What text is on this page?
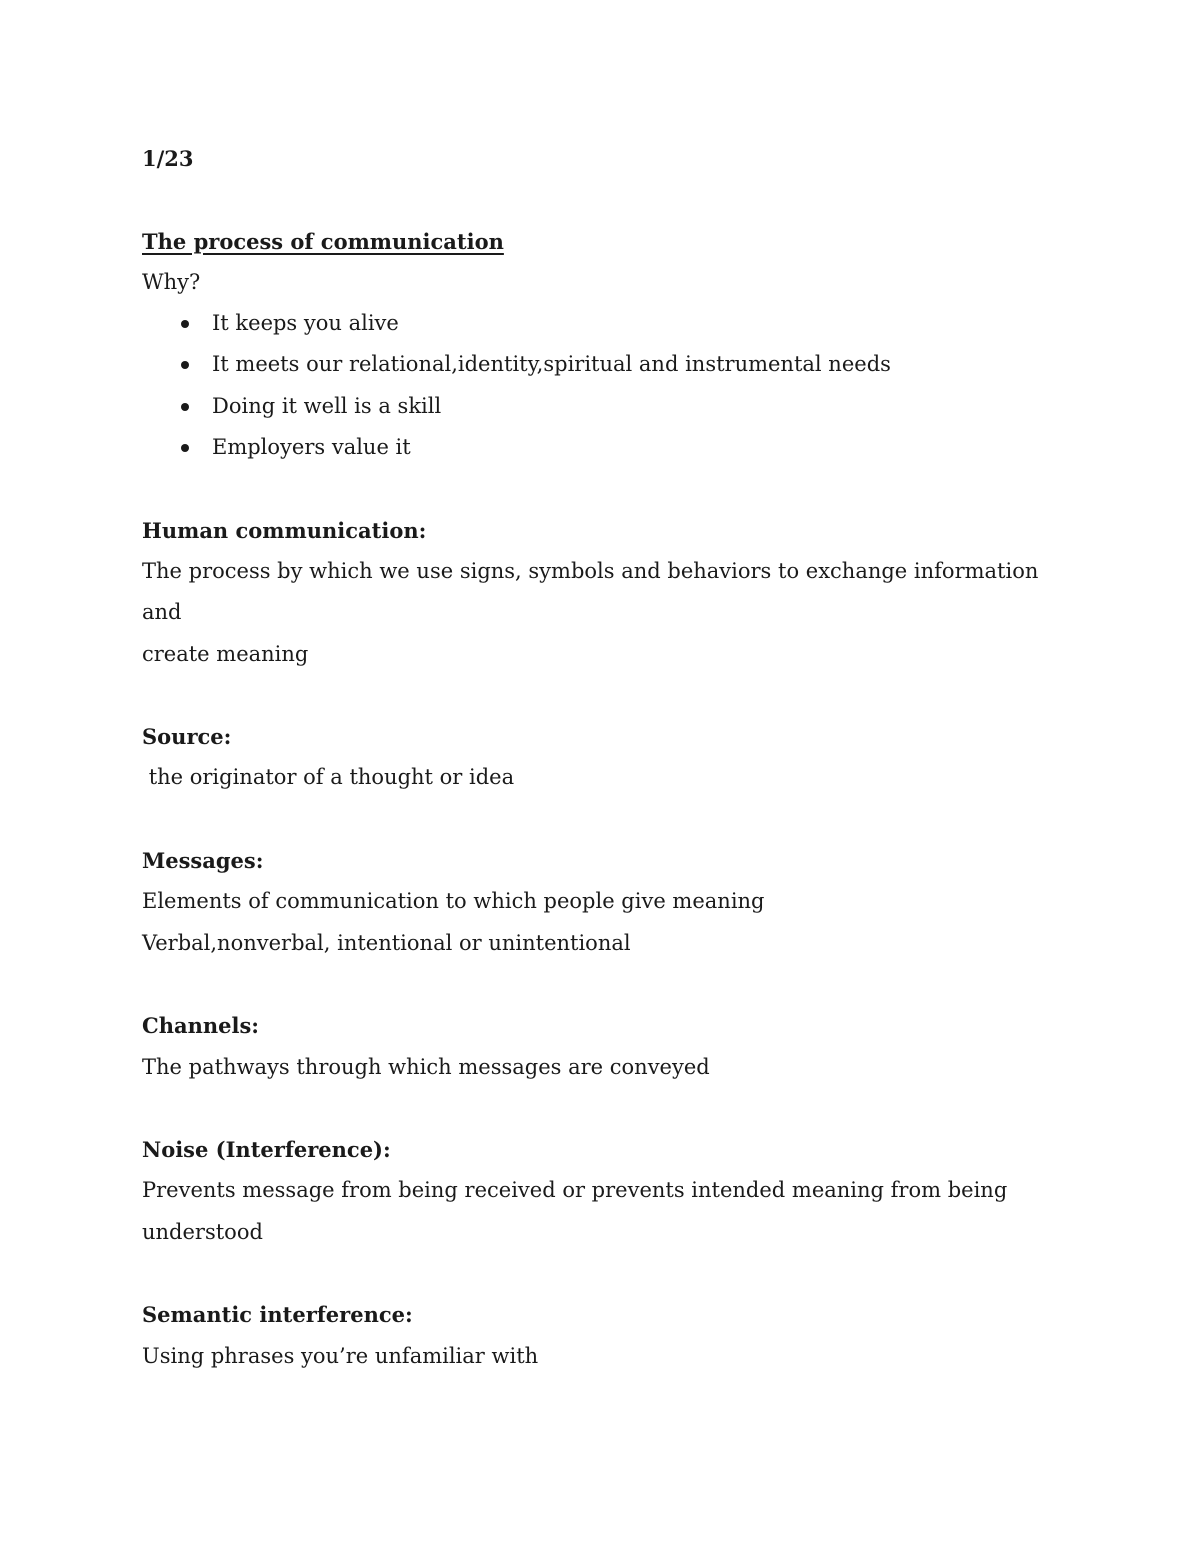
1/23

The process of communication

Why?

It keeps you alive
It meets our relational,identity,spiritual and instrumental needs
Doing it well is a skill
Employers value it

Human communication:

The process by which we use signs, symbols and behaviors to exchange information and

create meaning

Source:

the originator of a thought or idea

Messages:

Elements of communication to which people give meaning

Verbal,nonverbal, intentional or unintentional

Channels:

The pathways through which messages are conveyed

Noise (Interference):

Prevents message from being received or prevents intended meaning from being

understood

Semantic interference:

Using phrases you’re unfamiliar with
